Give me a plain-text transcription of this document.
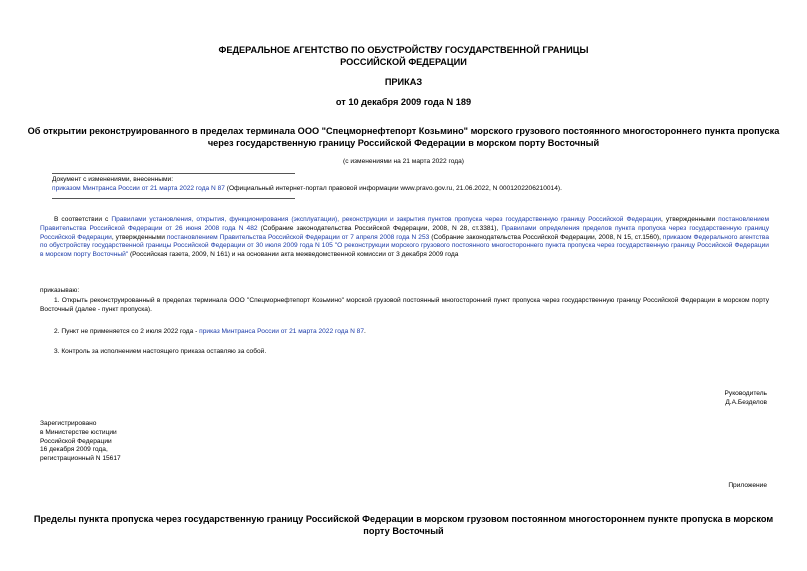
ФЕДЕРАЛЬНОЕ АГЕНТСТВО ПО ОБУСТРОЙСТВУ ГОСУДАРСТВЕННОЙ ГРАНИЦЫ
РОССИЙСКОЙ ФЕДЕРАЦИИ
ПРИКАЗ
от 10 декабря 2009 года N 189
Об открытии реконструированного в пределах терминала ООО "Спецморнефтепорт Козьмино" морского грузового постоянного многостороннего пункта пропуска
через государственную границу Российской Федерации в морском порту Восточный
(с изменениями на 21 марта 2022 года)
Документ с изменениями, внесенными:
приказом Минтранса России от 21 марта 2022 года N 87 (Официальный интернет-портал правовой информации www.pravo.gov.ru, 21.06.2022, N 0001202206210014).
В соответствии с Правилами установления, открытия, функционирования (эксплуатации), реконструкции и закрытия пунктов пропуска через государственную границу Российской Федерации, утвержденными постановлением Правительства Российской Федерации от 26 июня 2008 года N 482 (Собрание законодательства Российской Федерации, 2008, N 28, ст.3381), Правилами определения пределов пункта пропуска через государственную границу Российской Федерации, утвержденными постановлением Правительства Российской Федерации от 7 апреля 2008 года N 253 (Собрание законодательства Российской Федерации, 2008, N 15, ст.1560), приказом Федерального агентства по обустройству государственной границы Российской Федерации от 30 июля 2009 года N 105 "О реконструкции морского грузового постоянного многостороннего пункта пропуска через государственную границу Российской Федерации в морском порту Восточный" (Российская газета, 2009, N 161) и на основании акта межведомственной комиссии от 3 декабря 2009 года
приказываю:
1. Открыть реконструированный в пределах терминала ООО "Спецморнефтепорт Козьмино" морской грузовой постоянный многосторонний пункт пропуска через государственную границу Российской Федерации в морском порту Восточный (далее - пункт пропуска).
2. Пункт не применяется со 2 июля 2022 года - приказ Минтранса России от 21 марта 2022 года N 87.
3. Контроль за исполнением настоящего приказа оставляю за собой.
Руководитель
Д.А.Безделов
Зарегистрировано
в Министерстве юстиции
Российской Федерации
16 декабря 2009 года,
регистрационный N 15617
Приложение
Пределы пункта пропуска через государственную границу Российской Федерации в морском грузовом постоянном многостороннем пункте пропуска в морском
порту Восточный
